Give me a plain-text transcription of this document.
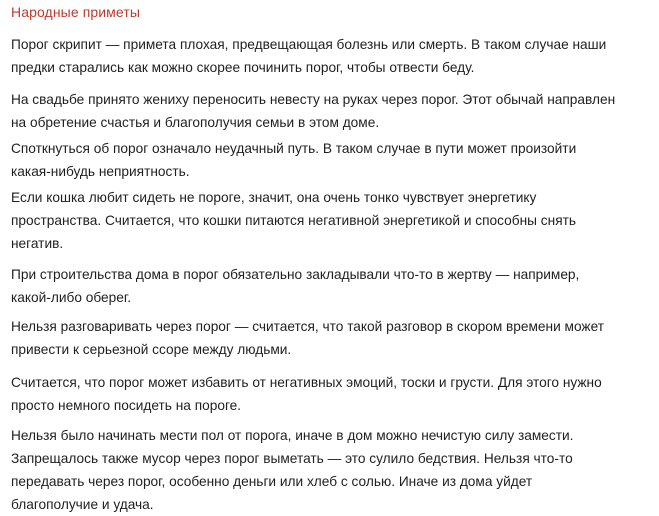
Народные приметы
Порог скрипит — примета плохая, предвещающая болезнь или смерть. В таком случае наши
предки старались как можно скорее починить порог, чтобы отвести беду.
На свадьбе принято жениху переносить невесту на руках через порог. Этот обычай направлен
на обретение счастья и благополучия семьи в этом доме.
Споткнуться об порог означало неудачный путь. В таком случае в пути может произойти
какая-нибудь неприятность.
Если кошка любит сидеть не пороге, значит, она очень тонко чувствует энергетику
пространства. Считается, что кошки питаются негативной энергетикой и способны снять
негатив.
При строительства дома в порог обязательно закладывали что-то в жертву — например,
какой-либо оберег.
Нельзя разговаривать через порог — считается, что такой разговор в скором времени может
привести к серьезной ссоре между людьми.
Считается, что порог может избавить от негативных эмоций, тоски и грусти. Для этого нужно
просто немного посидеть на пороге.
Нельзя было начинать мести пол от порога, иначе в дом можно нечистую силу замести.
Запрещалось также мусор через порог выметать — это сулило бедствия. Нельзя что-то
передавать через порог, особенно деньги или хлеб с солью. Иначе из дома уйдет
благополучие и удача.
